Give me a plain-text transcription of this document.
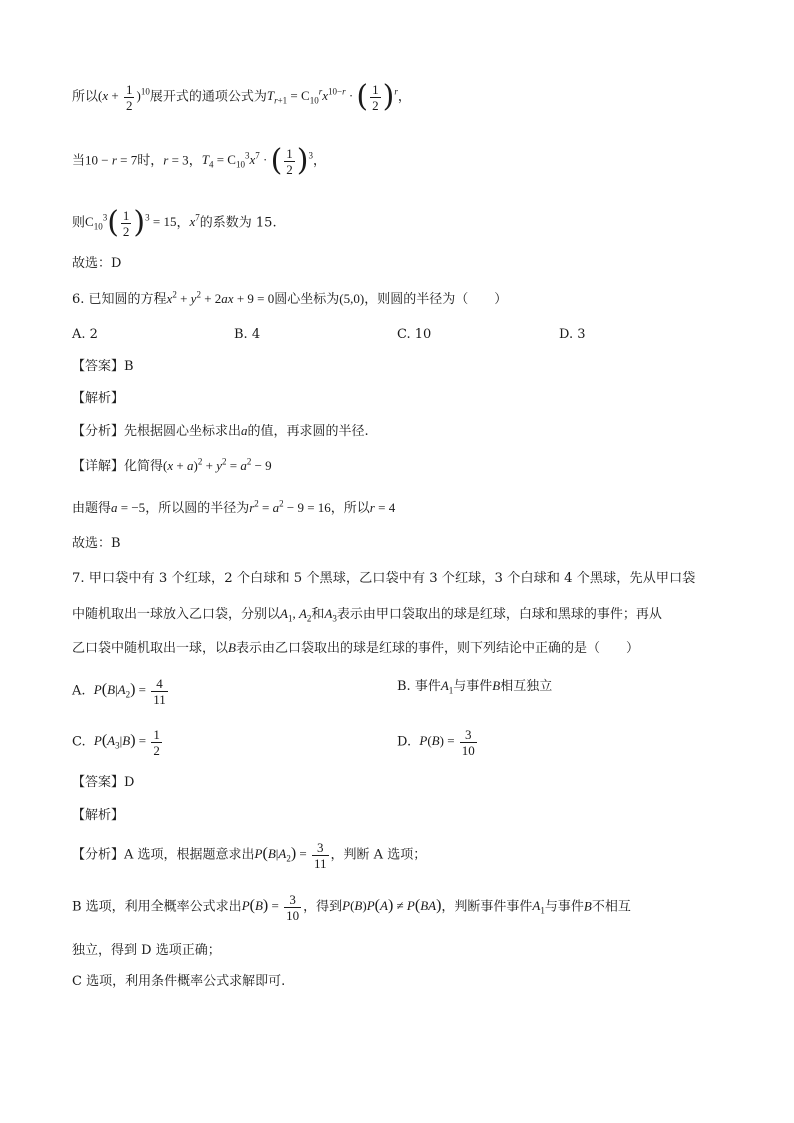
所以$(x + \frac{1}{2} )^{10}$展开式的通项公式为$T_{r+1} = C_{10}^rx^{10-r}$ · ( $\frac{1}{2} )^r$，
当10 − r = 7时，r = 3，$T_4 = C_{10}^3x^7$ · ( $\frac{1}{2} )^3$，
则$C_{10}^3( \frac{1}{2} )^3 = 15$，$x^7$的系数为 15.
故选：D
6. 已知圆的方程$x^2 + y^2 + 2ax + 9 = 0$圆心坐标为(5,0)，则圆的半径为（　　）
A. 2	B. 4	C. 10	D. 3
【答案】B
【解析】
【分析】先根据圆心坐标求出a的值，再求圆的半径.
【详解】化简得$(x + a)^2 + y^2 = a^2 - 9$
由题得a = −5，所以圆的半径为$r^2 = a^2 - 9 = 16$，所以r = 4
故选：B
7. 甲口袋中有 3 个红球，2 个白球和 5 个黑球，乙口袋中有 3 个红球，3 个白球和 4 个黑球，先从甲口袋
中随机取出一球放入乙口袋，分别以$A_1$, $A_2$和$A_3$表示由甲口袋取出的球是红球，白球和黑球的事件；再从
乙口袋中随机取出一球，以B表示由乙口袋取出的球是红球的事件，则下列结论中正确的是（　　）
A. $P(B|A_2) = \frac{4}{11}$	B. 事件$A_1$与事件B相互独立
C. $P(A_3|B) = \frac{1}{2}$	D. $P(B) = \frac{3}{10}$
【答案】D
【解析】
【分析】A 选项，根据题意求出$P(B|A_2) = \frac{3}{11}$ ，判断 A 选项；
B 选项，利用全概率公式求出$P(B) = \frac{3}{10}$ ，得到P(B)P(A) ≠ P(BA)，判断事件事件$A_1$与事件B不相互
独立，得到 D 选项正确；
C 选项，利用条件概率公式求解即可.
